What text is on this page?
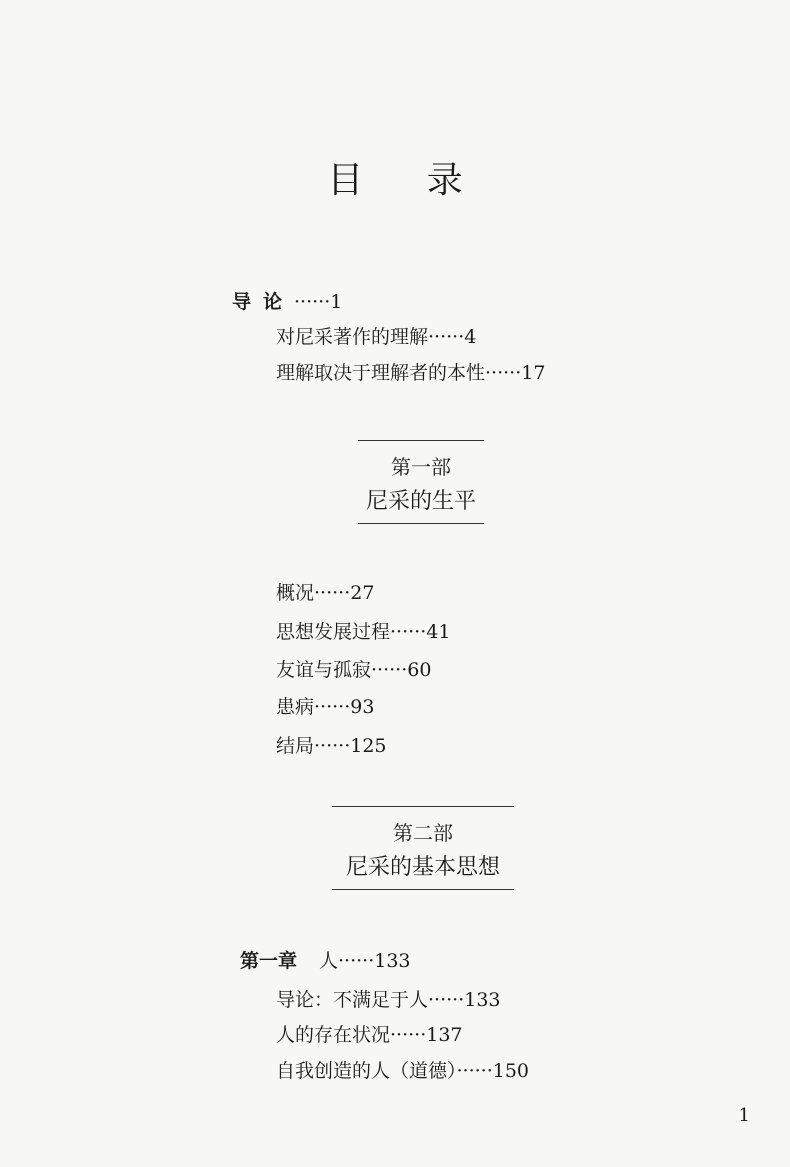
目 录
导论······1
对尼采著作的理解······4
理解取决于理解者的本性······17
第一部
尼采的生平
概况······27
思想发展过程······41
友谊与孤寂······60
患病······93
结局······125
第二部
尼采的基本思想
第一章 人······133
导论：不满足于人······133
人的存在状况······137
自我创造的人（道德）······150
1
